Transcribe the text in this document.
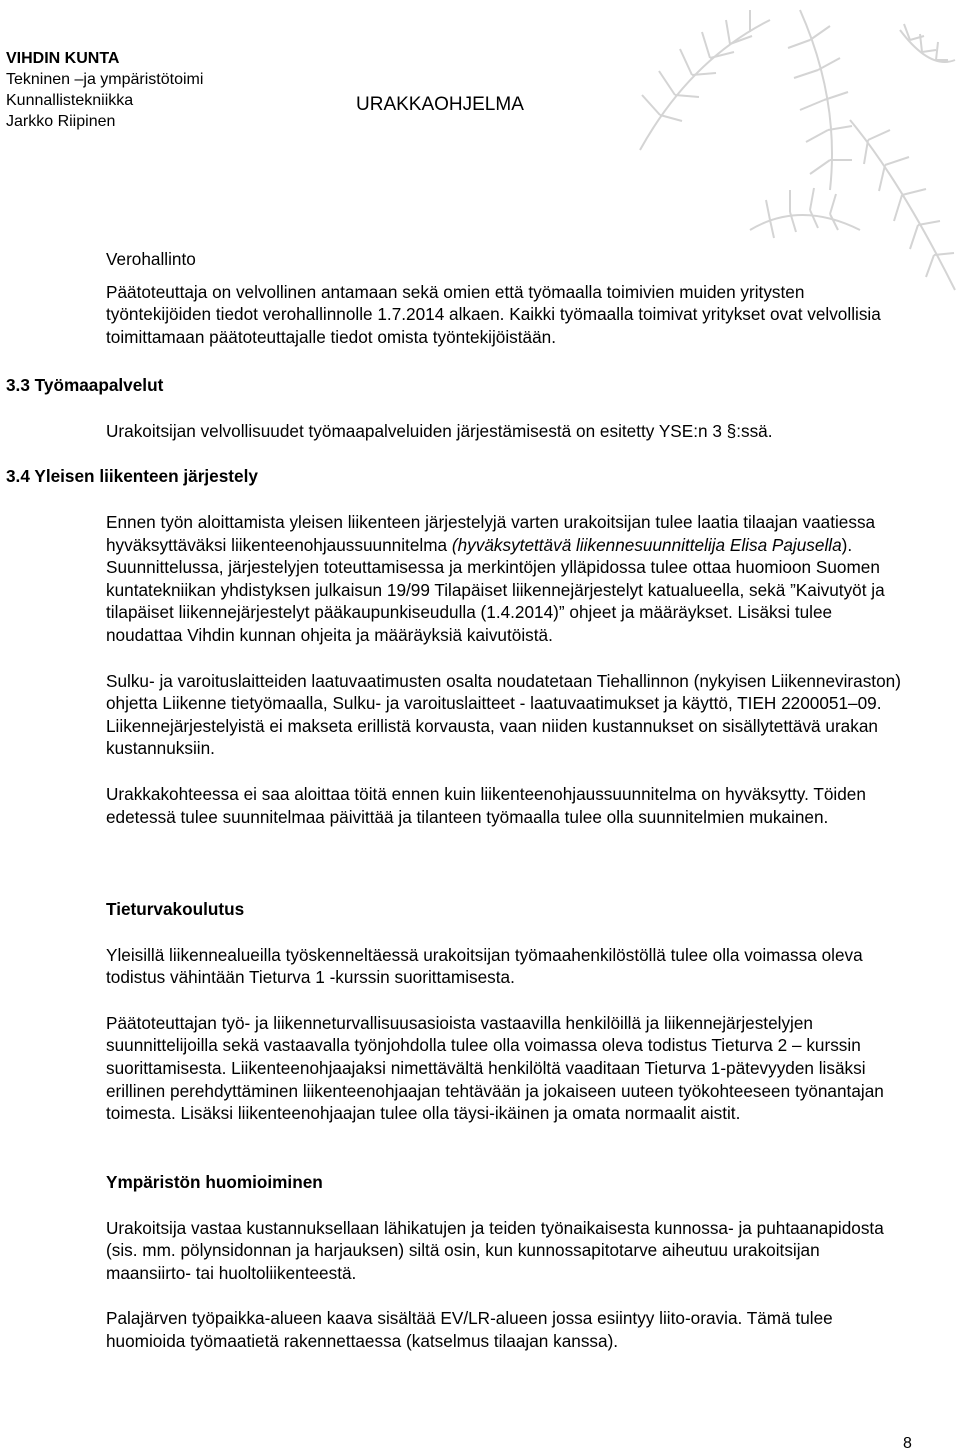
VIHDIN KUNTA
Tekninen –ja ympäristötoimi
Kunnallistekniikka
Jarkko Riipinen
URAKKAOHJELMA

Verohallinto

Päätoteuttaja on velvollinen antamaan sekä omien että työmaalla toimivien muiden yritysten työntekijöiden tiedot verohallinnolle 1.7.2014 alkaen. Kaikki työmaalla toimivat yritykset ovat velvollisia toimittamaan päätoteuttajalle tiedot omista työntekijöistään.

3.3 Työmaapalvelut

Urakoitsijan velvollisuudet työmaapalveluiden järjestämisestä on esitetty YSE:n 3 §:ssä.

3.4 Yleisen liikenteen järjestely

Ennen työn aloittamista yleisen liikenteen järjestelyjä varten urakoitsijan tulee laatia tilaajan vaatiessa hyväksyttäväksi liikenteenohjaussuunnitelma (hyväksytettävä liikennesuunnittelija Elisa Pajusella). Suunnittelussa, järjestelyjen toteuttamisessa ja merkintöjen ylläpidossa tulee ottaa huomioon Suomen kuntatekniikan yhdistyksen julkaisun 19/99 Tilapäiset liikennejärjestelyt katualueella, sekä ”Kaivutyöt ja tilapäiset liikennejärjestelyt pääkaupunkiseudulla (1.4.2014)” ohjeet ja määräykset. Lisäksi tulee noudattaa Vihdin kunnan ohjeita ja määräyksiä kaivutöistä.

Sulku- ja varoituslaitteiden laatuvaatimusten osalta noudatetaan Tiehallinnon (nykyisen Liikenneviraston) ohjetta Liikenne tietyömaalla, Sulku- ja varoituslaitteet - laatuvaatimukset ja käyttö, TIEH 2200051–09. Liikennejärjestelyistä ei makseta erillistä korvausta, vaan niiden kustannukset on sisällytettävä urakan kustannuksiin.

Urakkakohteessa ei saa aloittaa töitä ennen kuin liikenteenohjaussuunnitelma on hyväksytty. Töiden edetessä tulee suunnitelmaa päivittää ja tilanteen työmaalla tulee olla suunnitelmien mukainen.

Tieturvakoulutus

Yleisillä liikennealueilla työskenneltäessä urakoitsijan työmaahenkilöstöllä tulee olla voimassa oleva todistus vähintään Tieturva 1 -kurssin suorittamisesta.

Päätoteuttajan työ- ja liikenneturvallisuusasioista vastaavilla henkilöillä ja liikennejärjestelyjen suunnittelijoilla sekä vastaavalla työnjohdolla tulee olla voimassa oleva todistus Tieturva 2 – kurssin suorittamisesta. Liikenteenohjaajaksi nimettävältä henkilöltä vaaditaan Tieturva 1-pätevyyden lisäksi erillinen perehdyttäminen liikenteenohjaajan tehtävään ja jokaiseen uuteen työkohteeseen työnantajan toimesta. Lisäksi liikenteenohjaajan tulee olla täysi-ikäinen ja omata normaalit aistit.

Ympäristön huomioiminen

Urakoitsija vastaa kustannuksellaan lähikatujen ja teiden työnaikaisesta kunnossa- ja puhtaanapidosta (sis. mm. pölynsidonnan ja harjauksen) siltä osin, kun kunnossapitotarve aiheutuu urakoitsijan maansiirto- tai huoltoliikenteestä.

Palajärven työpaikka-alueen kaava sisältää EV/LR-alueen jossa esiintyy liito-oravia. Tämä tulee huomioida työmaatietä rakennettaessa (katselmus tilaajan kanssa).

8
